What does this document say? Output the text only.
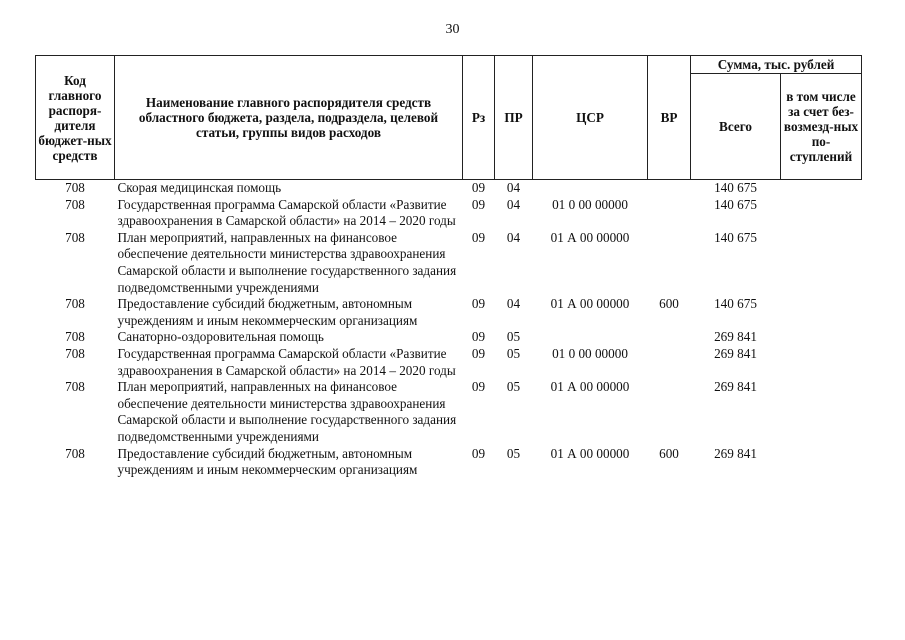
30
Код главного распоря-дителя бюджет-ных средств	Наименование главного распорядителя средств областного бюджета, раздела, подраздела, целевой статьи, группы видов расходов	Рз	ПР	ЦСР	ВР	Сумма, тыс. рублей	
						Всего	в том числе за счет без-возмезд-ных по-ступлений
708	Скорая медицинская помощь	09	04			140 675	
708	Государственная программа Самарской области «Развитие здравоохранения в Самарской области» на 2014 – 2020 годы	09	04	01 0 00 00000		140 675	
708	План мероприятий, направленных на финансовое обеспечение деятельности министерства здравоохранения Самарской области и выполнение государственного задания подведомственными учреждениями	09	04	01 А 00 00000		140 675	
708	Предоставление субсидий бюджетным, автономным учреждениям и иным некоммерческим организациям	09	04	01 А 00 00000	600	140 675	
708	Санаторно-оздоровительная помощь	09	05			269 841	
708	Государственная программа Самарской области «Развитие здравоохранения в Самарской области» на 2014 – 2020 годы	09	05	01 0 00 00000		269 841	
708	План мероприятий, направленных на финансовое обеспечение деятельности министерства здравоохранения Самарской области и выполнение государственного задания подведомственными учреждениями	09	05	01 А 00 00000		269 841	
708	Предоставление субсидий бюджетным, автономным учреждениям и иным некоммерческим организациям	09	05	01 А 00 00000	600	269 841	
